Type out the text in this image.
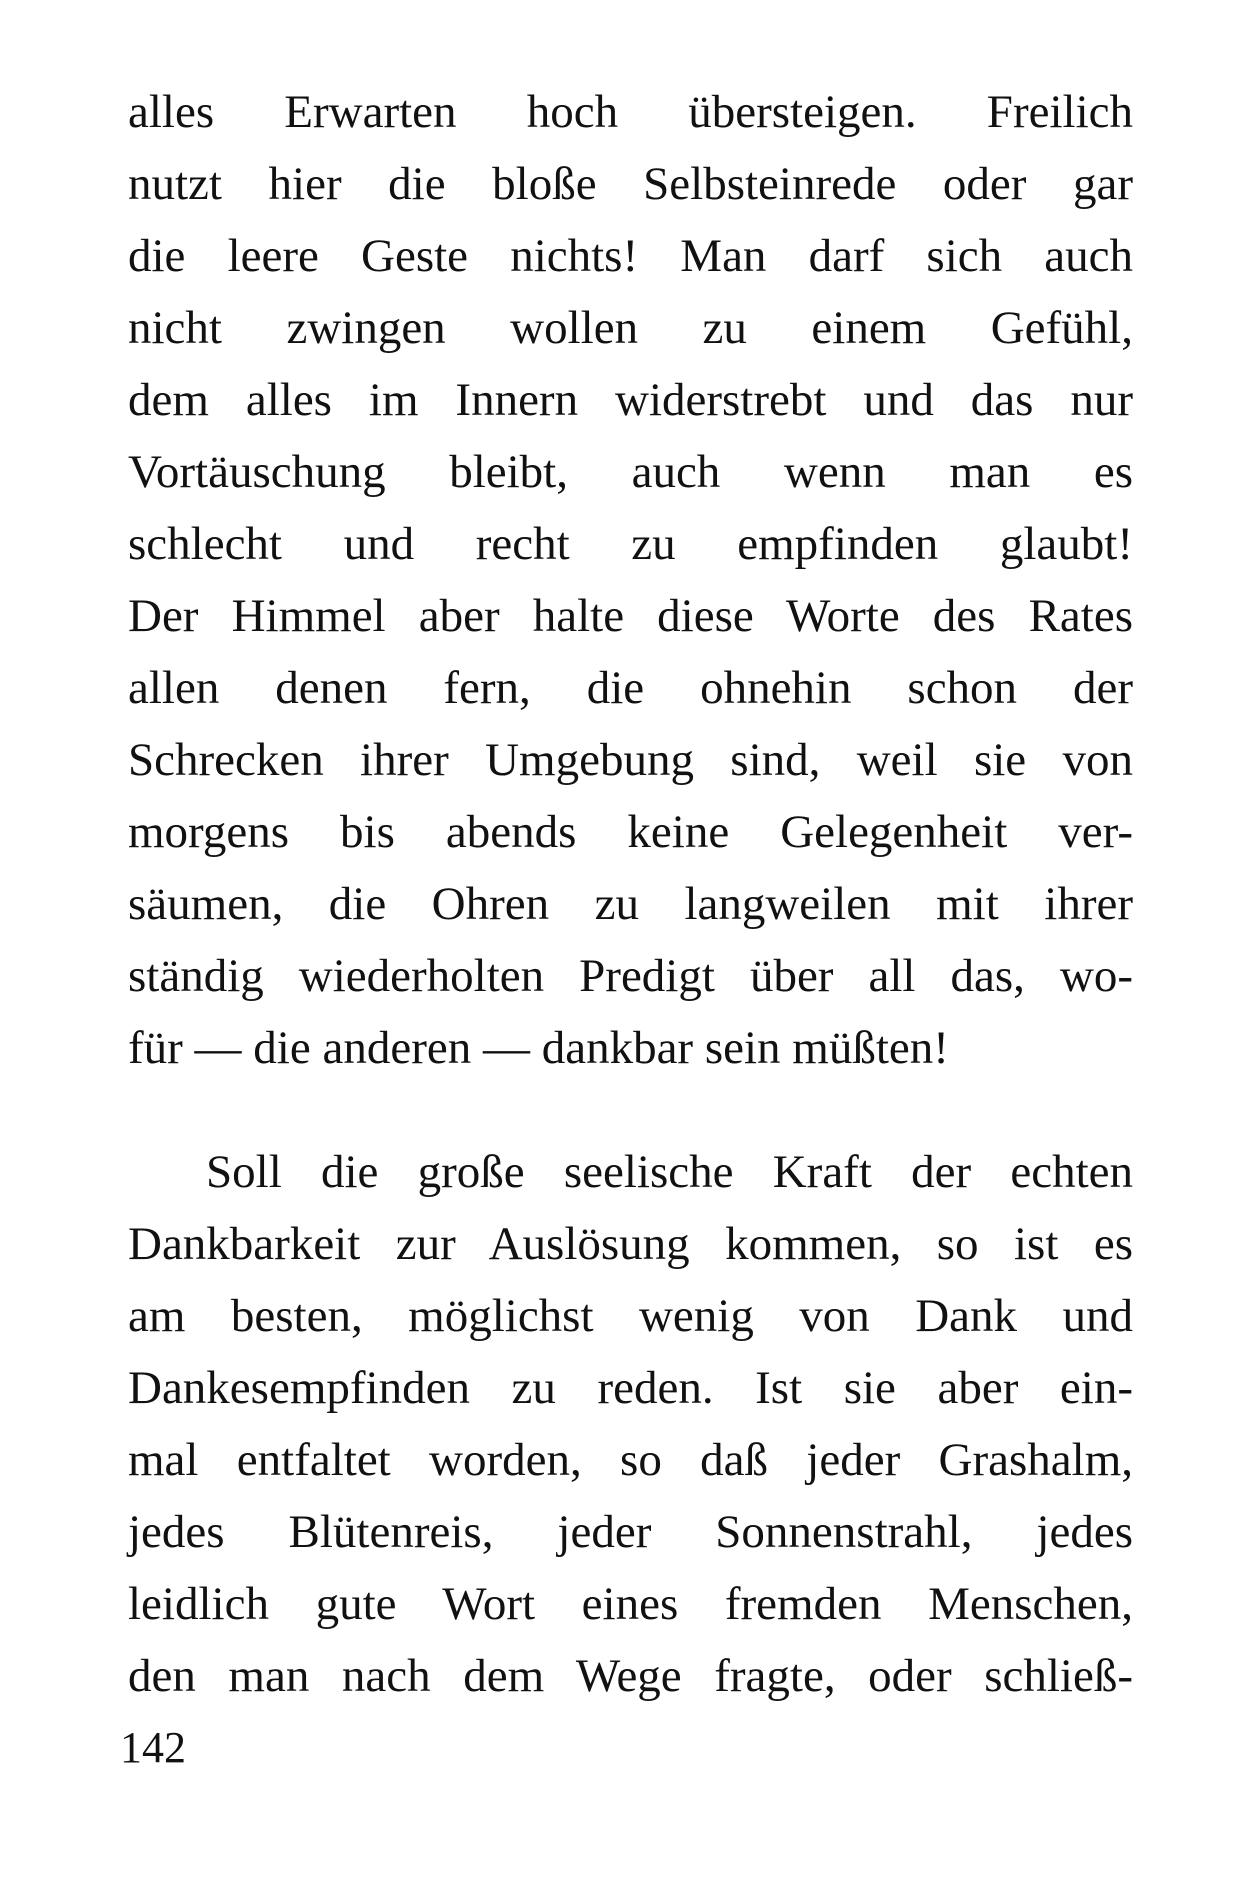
alles Erwarten hoch übersteigen. Freilich
nutzt hier die bloße Selbsteinrede oder gar
die leere Geste nichts! Man darf sich auch
nicht zwingen wollen zu einem Gefühl,
dem alles im Innern widerstrebt und das nur
Vortäuschung bleibt, auch wenn man es
schlecht und recht zu empfinden glaubt!
Der Himmel aber halte diese Worte des Rates
allen denen fern, die ohnehin schon der
Schrecken ihrer Umgebung sind, weil sie von
morgens bis abends keine Gelegenheit ver-
säumen, die Ohren zu langweilen mit ihrer
ständig wiederholten Predigt über all das, wo-
für — die anderen — dankbar sein müßten!
Soll die große seelische Kraft der echten
Dankbarkeit zur Auslösung kommen, so ist es
am besten, möglichst wenig von Dank und
Dankesempfinden zu reden. Ist sie aber ein-
mal entfaltet worden, so daß jeder Grashalm,
jedes Blütenreis, jeder Sonnenstrahl, jedes
leidlich gute Wort eines fremden Menschen,
den man nach dem Wege fragte, oder schließ-
142
